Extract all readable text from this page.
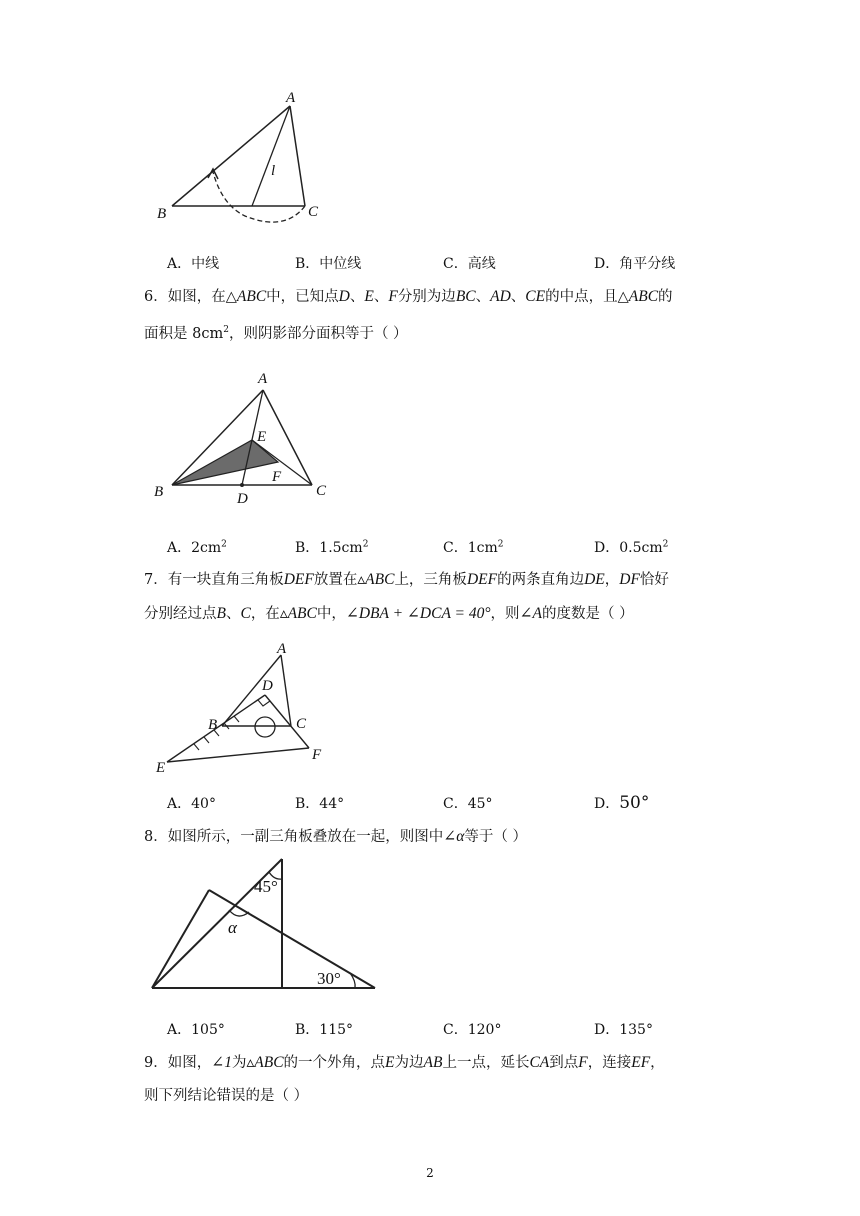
A
B	C
l
A．中线	B．中位线	C．高线	D．角平分线
6．如图，在△ABC中，已知点D、E、F分别为边BC、AD、CE的中点，且△ABC的
面积是 $8cm^2$，则阴影部分面积等于（ ）
A
B	C
D
E
F
A．$2cm^2$	B．$1.5cm^2$	C．$1cm^2$	D．$0.5cm^2$
7．有一块直角三角板DEF放置在▵ABC上，三角板DEF的两条直角边DE，DF恰好
分别经过点B、C，在▵ABC中，∠DBA + ∠DCA = 40°，则∠A的度数是（ ）
A
B	C
D
E
F
A．40°	B．44°	C．45°	D．50°
8．如图所示，一副三角板叠放在一起，则图中∠α等于（ ）
45°
α
30°
A．105°	B．115°	C．120°	D．135°
9．如图，∠1为▵ABC的一个外角，点E为边AB上一点，延长CA到点F，连接EF，
则下列结论错误的是（ ）
2
